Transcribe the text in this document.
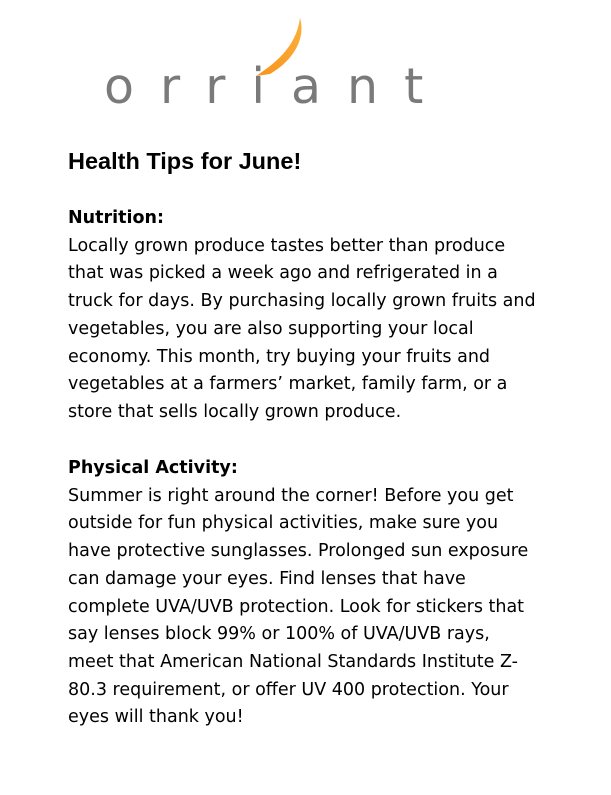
orriant
Health Tips for June!
Nutrition:
Locally grown produce tastes better than produce
that was picked a week ago and refrigerated in a
truck for days. By purchasing locally grown fruits and
vegetables, you are also supporting your local
economy. This month, try buying your fruits and
vegetables at a farmers’ market, family farm, or a
store that sells locally grown produce.
Physical Activity:
Summer is right around the corner! Before you get
outside for fun physical activities, make sure you
have protective sunglasses. Prolonged sun exposure
can damage your eyes. Find lenses that have
complete UVA/UVB protection. Look for stickers that
say lenses block 99% or 100% of UVA/UVB rays,
meet that American National Standards Institute Z-
80.3 requirement, or offer UV 400 protection. Your
eyes will thank you!
